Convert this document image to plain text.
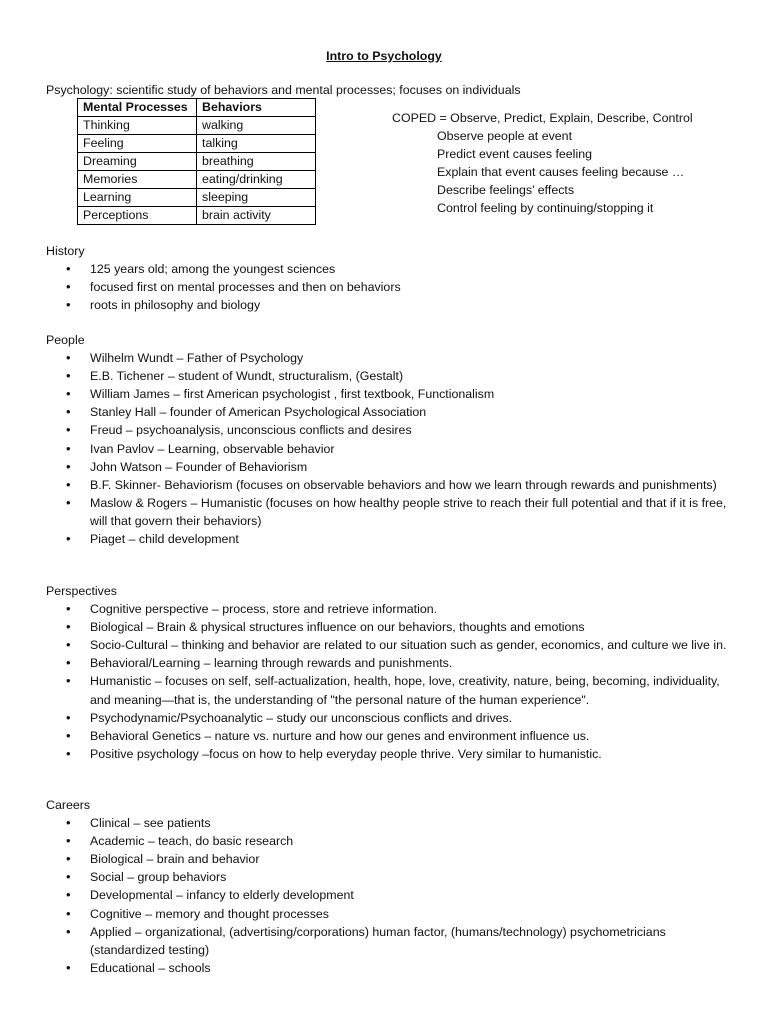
Intro to Psychology
Psychology: scientific study of behaviors and mental processes; focuses on individuals
Mental Processes	Behaviors
Thinking	walking
Feeling	talking
Dreaming	breathing
Memories	eating/drinking
Learning	sleeping
Perceptions	brain activity
COPED = Observe, Predict, Explain, Describe, Control
Observe people at event
Predict event causes feeling
Explain that event causes feeling because …
Describe feelings’ effects
Control feeling by continuing/stopping it
History
• 125 years old; among the youngest sciences
• focused first on mental processes and then on behaviors
• roots in philosophy and biology
People
• Wilhelm Wundt – Father of Psychology
• E.B. Tichener – student of Wundt, structuralism, (Gestalt)
• William James – first American psychologist , first textbook, Functionalism
• Stanley Hall – founder of American Psychological Association
• Freud – psychoanalysis, unconscious conflicts and desires
• Ivan Pavlov – Learning, observable behavior
• John Watson – Founder of Behaviorism
• B.F. Skinner- Behaviorism (focuses on observable behaviors and how we learn through rewards and punishments)
• Maslow & Rogers – Humanistic (focuses on how healthy people strive to reach their full potential and that if it is free, will that govern their behaviors)
• Piaget – child development
Perspectives
• Cognitive perspective – process, store and retrieve information.
• Biological – Brain & physical structures influence on our behaviors, thoughts and emotions
• Socio-Cultural – thinking and behavior are related to our situation such as gender, economics, and culture we live in.
• Behavioral/Learning – learning through rewards and punishments.
• Humanistic – focuses on self, self-actualization, health, hope, love, creativity, nature, being, becoming, individuality, and meaning—that is, the understanding of "the personal nature of the human experience".
• Psychodynamic/Psychoanalytic – study our unconscious conflicts and drives.
• Behavioral Genetics – nature vs. nurture and how our genes and environment influence us.
• Positive psychology –focus on how to help everyday people thrive. Very similar to humanistic.
Careers
• Clinical – see patients
• Academic – teach, do basic research
• Biological – brain and behavior
• Social – group behaviors
• Developmental – infancy to elderly development
• Cognitive – memory and thought processes
• Applied – organizational, (advertising/corporations) human factor, (humans/technology) psychometricians (standardized testing)
• Educational – schools
